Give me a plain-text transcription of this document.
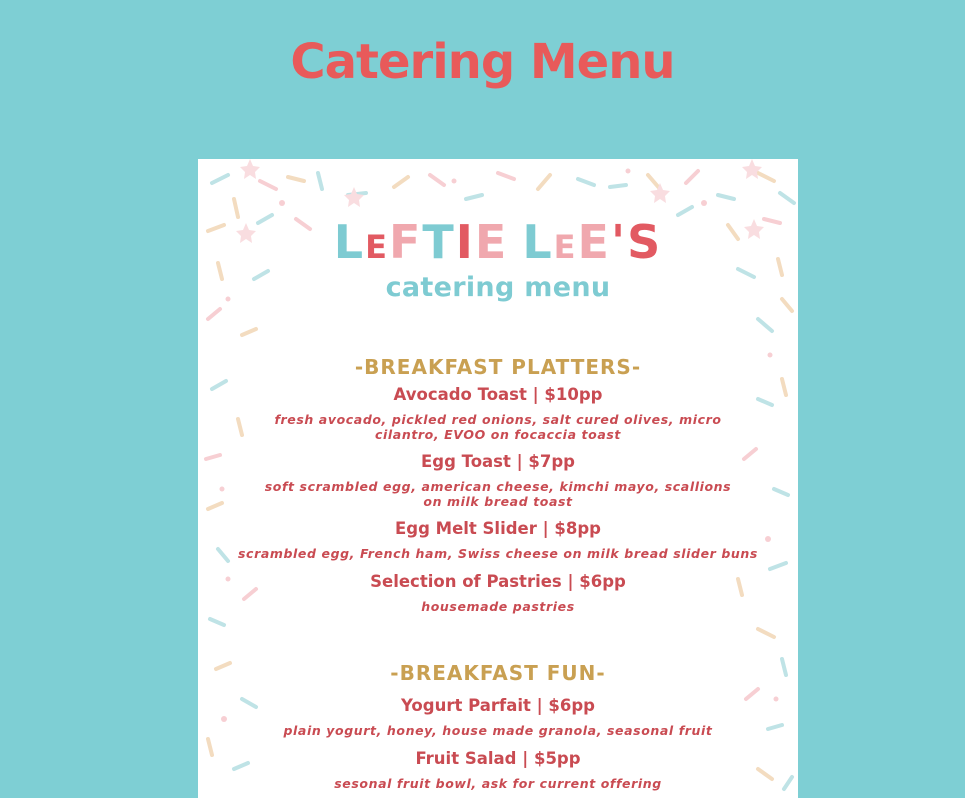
Catering Menu
LEFTIE LEE'S
catering menu
-BREAKFAST PLATTERS-
Avocado Toast | $10pp
fresh avocado, pickled red onions, salt cured olives, micro
cilantro, EVOO on focaccia toast
Egg Toast | $7pp
soft scrambled egg, american cheese, kimchi mayo, scallions
on milk bread toast
Egg Melt Slider | $8pp
scrambled egg, French ham, Swiss cheese on milk bread slider buns
Selection of Pastries | $6pp
housemade pastries
-BREAKFAST FUN-
Yogurt Parfait | $6pp
plain yogurt, honey, house made granola, seasonal fruit
Fruit Salad | $5pp
sesonal fruit bowl, ask for current offering
